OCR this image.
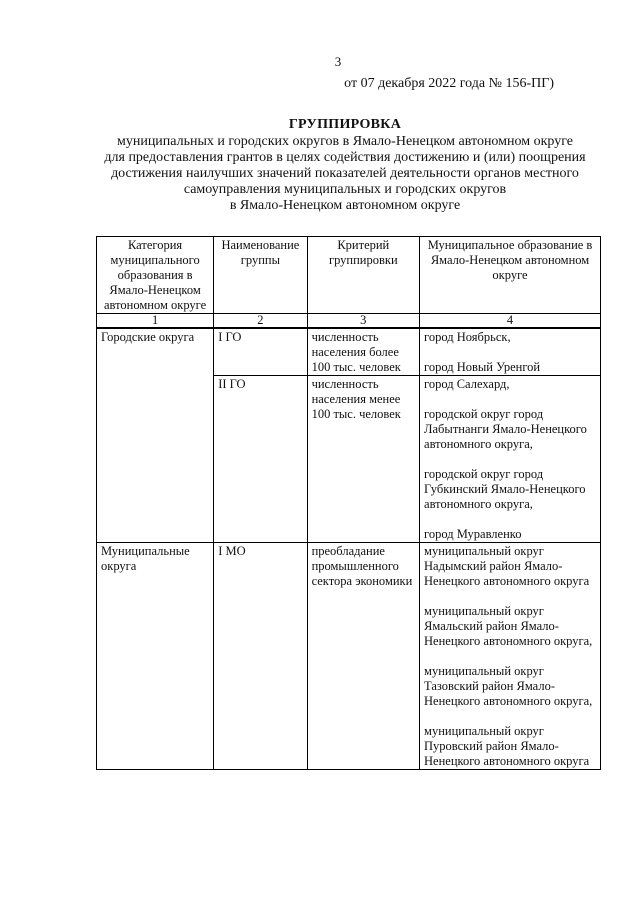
3
от 07 декабря 2022 года № 156-ПГ)
ГРУППИРОВКА
муниципальных и городских округов в Ямало-Ненецком автономном округе
для предоставления грантов в целях содействия достижению и (или) поощрения
достижения наилучших значений показателей деятельности органов местного
самоуправления муниципальных и городских округов
в Ямало-Ненецком автономном округе
Категория муниципального образования в Ямало-Ненецком автономном округе	Наименование группы	Критерий группировки	Муниципальное образование в Ямало-Ненецком автономном округе
1	2	3	4
Городские округа	I ГО	численность населения более 100 тыс. человек	город Ноябрьск,
город Новый Уренгой

	II ГО	численность населения менее 100 тыс. человек	город Салехард,
городской округ город Лабытнанги Ямало-Ненецкого автономного округа,
городской округ город Губкинский Ямало-Ненецкого автономного округа,
город Муравленко

Муниципальные округа	I МО	преобладание промышленного сектора экономики	муниципальный округ Надымский район Ямало-Ненецкого автономного округа
муниципальный округ Ямальский район Ямало-Ненецкого автономного округа,
муниципальный округ Тазовский район Ямало-Ненецкого автономного округа,
муниципальный округ Пуровский район Ямало-Ненецкого автономного округа
